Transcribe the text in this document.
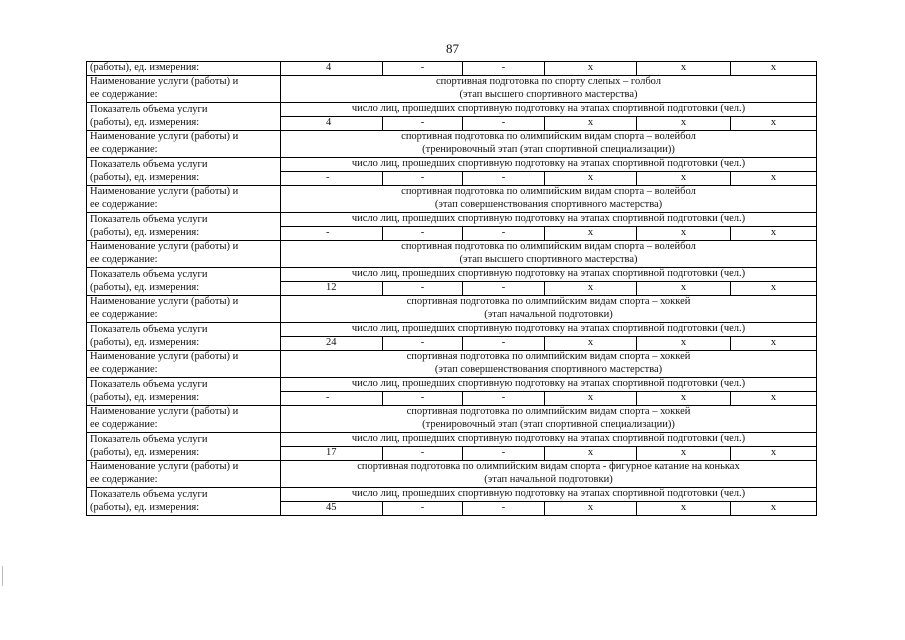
87
(работы), ед. измерения:	4	-	-	х	х	х
Наименование услуги (работы) и	спортивная подготовка по спорту слепых – голбол					
ее содержание:	(этап высшего спортивного мастерства)					
Показатель объема услуги	число лиц, прошедших спортивную подготовку на этапах спортивной подготовки (чел.)					
(работы), ед. измерения:	4	-	-	х	х	х
Наименование услуги (работы) и	спортивная подготовка по олимпийским видам спорта – волейбол					
ее содержание:	(тренировочный этап (этап спортивной специализации))					
Показатель объема услуги	число лиц, прошедших спортивную подготовку на этапах спортивной подготовки (чел.)					
(работы), ед. измерения:	-	-	-	х	х	х
Наименование услуги (работы) и	спортивная подготовка по олимпийским видам спорта – волейбол					
ее содержание:	(этап совершенствования спортивного мастерства)					
Показатель объема услуги	число лиц, прошедших спортивную подготовку на этапах спортивной подготовки (чел.)					
(работы), ед. измерения:	-	-	-	х	х	х
Наименование услуги (работы) и	спортивная подготовка по олимпийским видам спорта – волейбол					
ее содержание:	(этап высшего спортивного мастерства)					
Показатель объема услуги	число лиц, прошедших спортивную подготовку на этапах спортивной подготовки (чел.)					
(работы), ед. измерения:	12	-	-	х	х	х
Наименование услуги (работы) и	спортивная подготовка по олимпийским видам спорта – хоккей					
ее содержание:	(этап начальной подготовки)					
Показатель объема услуги	число лиц, прошедших спортивную подготовку на этапах спортивной подготовки (чел.)					
(работы), ед. измерения:	24	-	-	х	х	х
Наименование услуги (работы) и	спортивная подготовка по олимпийским видам спорта – хоккей					
ее содержание:	(этап совершенствования спортивного мастерства)					
Показатель объема услуги	число лиц, прошедших спортивную подготовку на этапах спортивной подготовки (чел.)					
(работы), ед. измерения:	-	-	-	х	х	х
Наименование услуги (работы) и	спортивная подготовка по олимпийским видам спорта – хоккей					
ее содержание:	(тренировочный этап (этап спортивной специализации))					
Показатель объема услуги	число лиц, прошедших спортивную подготовку на этапах спортивной подготовки (чел.)					
(работы), ед. измерения:	17	-	-	х	х	х
Наименование услуги (работы) и	спортивная подготовка по олимпийским видам спорта - фигурное катание на коньках					
ее содержание:	(этап начальной подготовки)					
Показатель объема услуги	число лиц, прошедших спортивную подготовку на этапах спортивной подготовки (чел.)					
(работы), ед. измерения:	45	-	-	х	х	х
